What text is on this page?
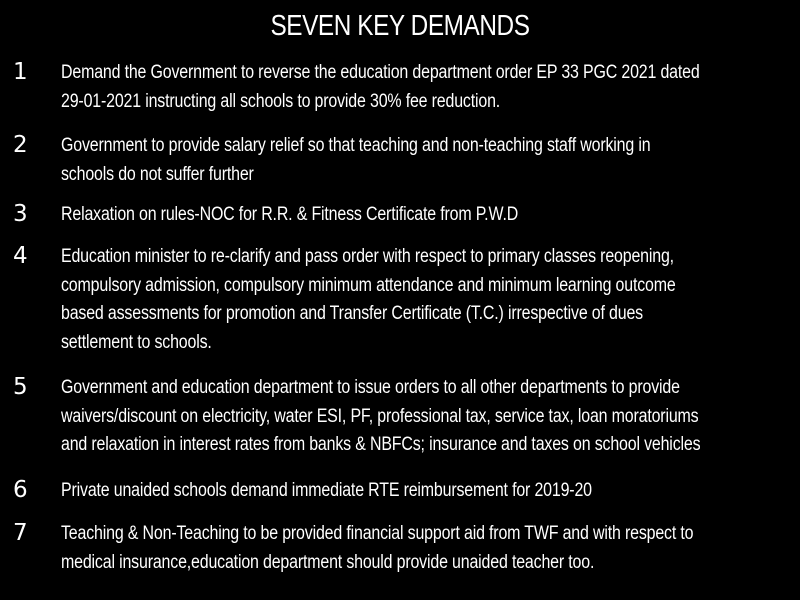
SEVEN KEY DEMANDS
1 Demand the Government to reverse the education department order EP 33 PGC 2021 dated
29-01-2021 instructing all schools to provide 30% fee reduction.
2 Government to provide salary relief so that teaching and non-teaching staff working in
schools do not suffer further
3 Relaxation on rules-NOC for R.R. & Fitness Certificate from P.W.D
4 Education minister to re-clarify and pass order with respect to primary classes reopening,
compulsory admission, compulsory minimum attendance and minimum learning outcome
based assessments for promotion and Transfer Certificate (T.C.) irrespective of dues
settlement to schools.
5 Government and education department to issue orders to all other departments to provide
waivers/discount on electricity, water ESI, PF, professional tax, service tax, loan moratoriums
and relaxation in interest rates from banks & NBFCs; insurance and taxes on school vehicles
6 Private unaided schools demand immediate RTE reimbursement for 2019-20
7 Teaching & Non-Teaching to be provided financial support aid from TWF and with respect to
medical insurance,education department should provide unaided teacher too.
